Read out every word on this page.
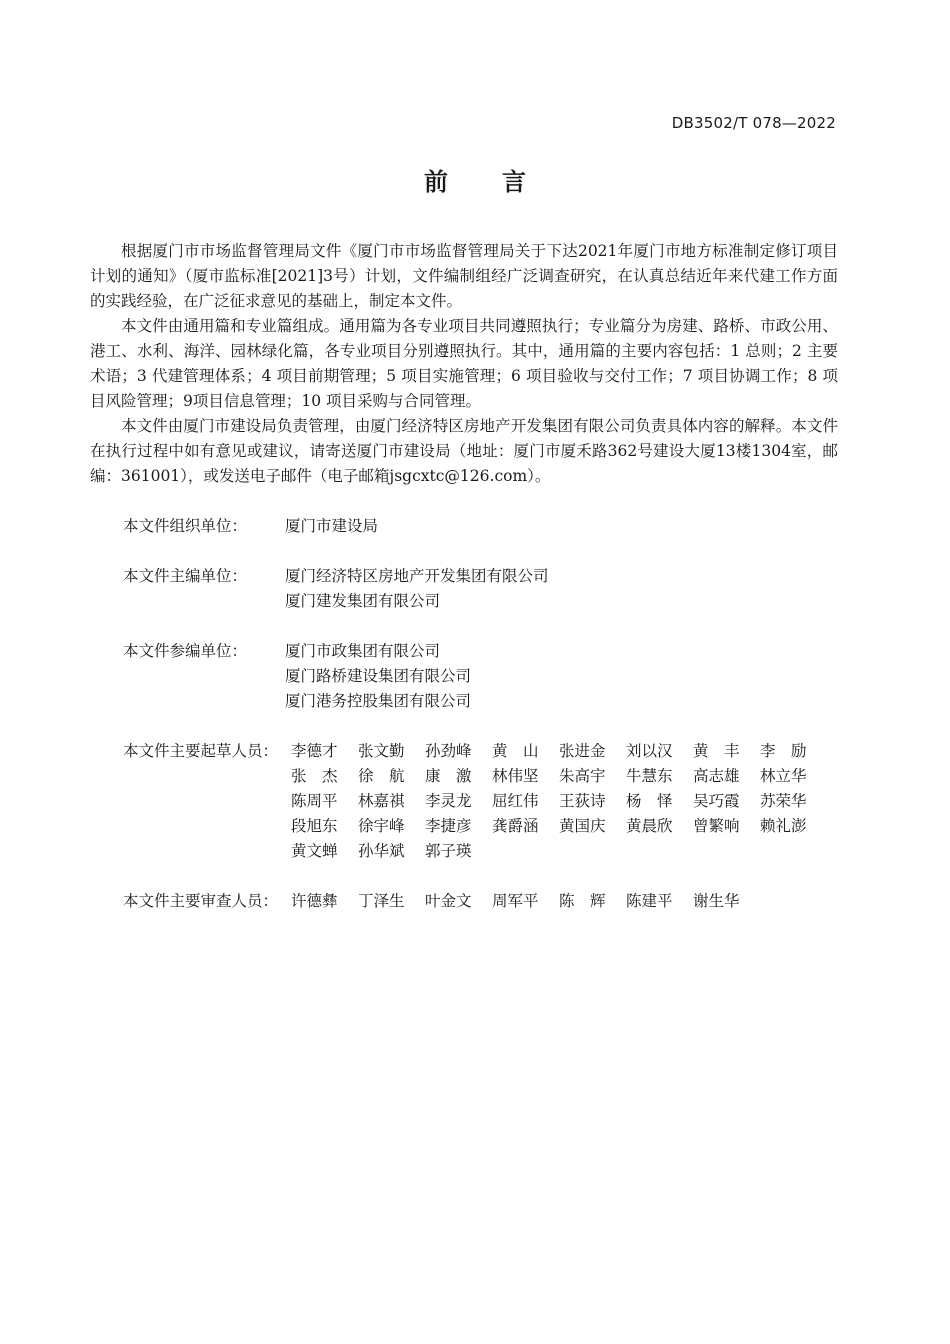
DB3502/T 078—2022
前 言

根据厦门市市场监督管理局文件《厦门市市场监督管理局关于下达2021年厦门市地方标准制定修订项目计划的通知》（厦市监标准[2021]3号）计划，文件编制组经广泛调查研究，在认真总结近年来代建工作方面的实践经验，在广泛征求意见的基础上，制定本文件。

本文件由通用篇和专业篇组成。通用篇为各专业项目共同遵照执行；专业篇分为房建、路桥、市政公用、港工、水利、海洋、园林绿化篇，各专业项目分别遵照执行。其中，通用篇的主要内容包括：1 总则；2 主要术语；3 代建管理体系；4 项目前期管理；5 项目实施管理；6 项目验收与交付工作；7 项目协调工作；8 项目风险管理；9项目信息管理；10 项目采购与合同管理。

本文件由厦门市建设局负责管理，由厦门经济特区房地产开发集团有限公司负责具体内容的解释。本文件在执行过程中如有意见或建议，请寄送厦门市建设局（地址：厦门市厦禾路362号建设大厦13楼1304室，邮编：361001），或发送电子邮件（电子邮箱jsgcxtc@126.com）。

本文件组织单位：	厦门市建设局
本文件主编单位：	厦门经济特区房地产开发集团有限公司
厦门建发集团有限公司
本文件参编单位：	厦门市政集团有限公司
厦门路桥建设集团有限公司
厦门港务控股集团有限公司
本文件主要起草人员： 李德才	张文勤	孙劲峰	黄　山	张进金	刘以汉	黄　丰	李　励
张　杰	徐　航	康　激	林伟坚	朱高宇	牛慧东	高志雄	林立华
陈周平	林嘉祺	李灵龙	屈红伟	王荻诗	杨　怿	吴巧霞	苏荣华
段旭东	徐宇峰	李捷彦	龚爵涵	黄国庆	黄晨欣	曾繁响	赖礼澎
黄文蝉	孙华斌	郭子瑛
本文件主要审查人员： 许德彝	丁泽生	叶金文	周军平	陈　辉	陈建平	谢生华
